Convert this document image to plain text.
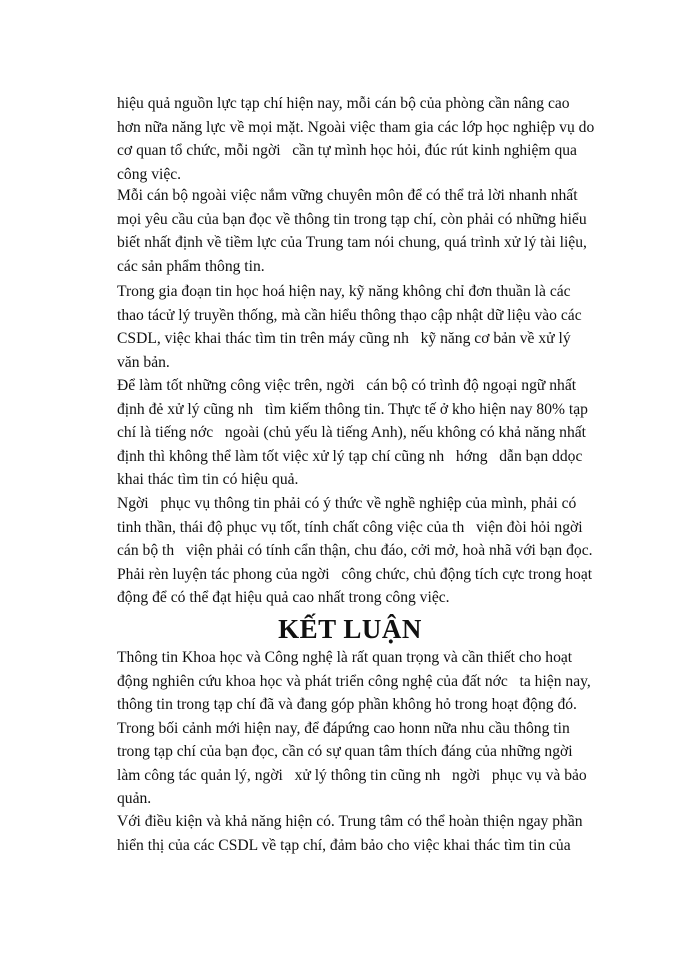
hiệu quả nguồn lực tạp chí hiện nay, mỗi cán bộ của phòng cần nâng cao
hơn nữa năng lực về mọi mặt. Ngoài việc tham gia các lớp học nghiệp vụ do
cơ quan tổ chức, mỗi ngời   cần tự mình học hỏi, đúc rút kinh nghiệm qua
công việc.
Mỗi cán bộ ngoài việc nắm vững chuyên môn để có thể trả lời nhanh nhất
mọi yêu cầu của bạn đọc về thông tin trong tạp chí, còn phải có những hiểu
biết nhất định về tiềm lực của Trung tam nói chung, quá trình xử lý tài liệu,
các sản phẩm thông tin.
Trong gia đoạn tin học hoá hiện nay, kỹ năng không chỉ đơn thuần là các
thao tácử lý truyền thống, mà cần hiểu thông thạo cập nhật dữ liệu vào các
CSDL, việc khai thác tìm tin trên máy cũng nh   kỹ năng cơ bản về xử lý
văn bản.
Để làm tốt những công việc trên, ngời   cán bộ có trình độ ngoại ngữ nhất
định đẻ xử lý cũng nh   tìm kiếm thông tin. Thực tế ở kho hiện nay 80% tạp
chí là tiếng nớc   ngoài (chủ yếu là tiếng Anh), nếu không có khả năng nhất
định thì không thể làm tốt việc xử lý tạp chí cũng nh   hớng   dẫn bạn ddọc
khai thác tìm tin có hiệu quả.
Ngời   phục vụ thông tin phải có ý thức về nghề nghiệp của mình, phải có
tinh thần, thái độ phục vụ tốt, tính chất công việc của th   viện đòi hỏi ngời
cán bộ th   viện phải có tính cẩn thận, chu đáo, cởi mở, hoà nhã với bạn đọc.
Phải rèn luyện tác phong của ngời   công chức, chủ động tích cực trong hoạt
động để có thể đạt hiệu quả cao nhất trong công việc.
KẾT LUẬN
Thông tin Khoa học và Công nghệ là rất quan trọng và cần thiết cho hoạt
động nghiên cứu khoa học và phát triển công nghệ của đất nớc   ta hiện nay,
thông tin trong tạp chí đã và đang góp phần không hỏ trong hoạt động đó.
Trong bối cảnh mới hiện nay, để đápứng cao honn nữa nhu cầu thông tin
trong tạp chí của bạn đọc, cần có sự quan tâm thích đáng của những ngời
làm công tác quản lý, ngời   xử lý thông tin cũng nh   ngời   phục vụ và bảo
quản.
Với điều kiện và khả năng hiện có. Trung tâm có thể hoàn thiện ngay phần
hiển thị của các CSDL về tạp chí, đảm bảo cho việc khai thác tìm tin của
